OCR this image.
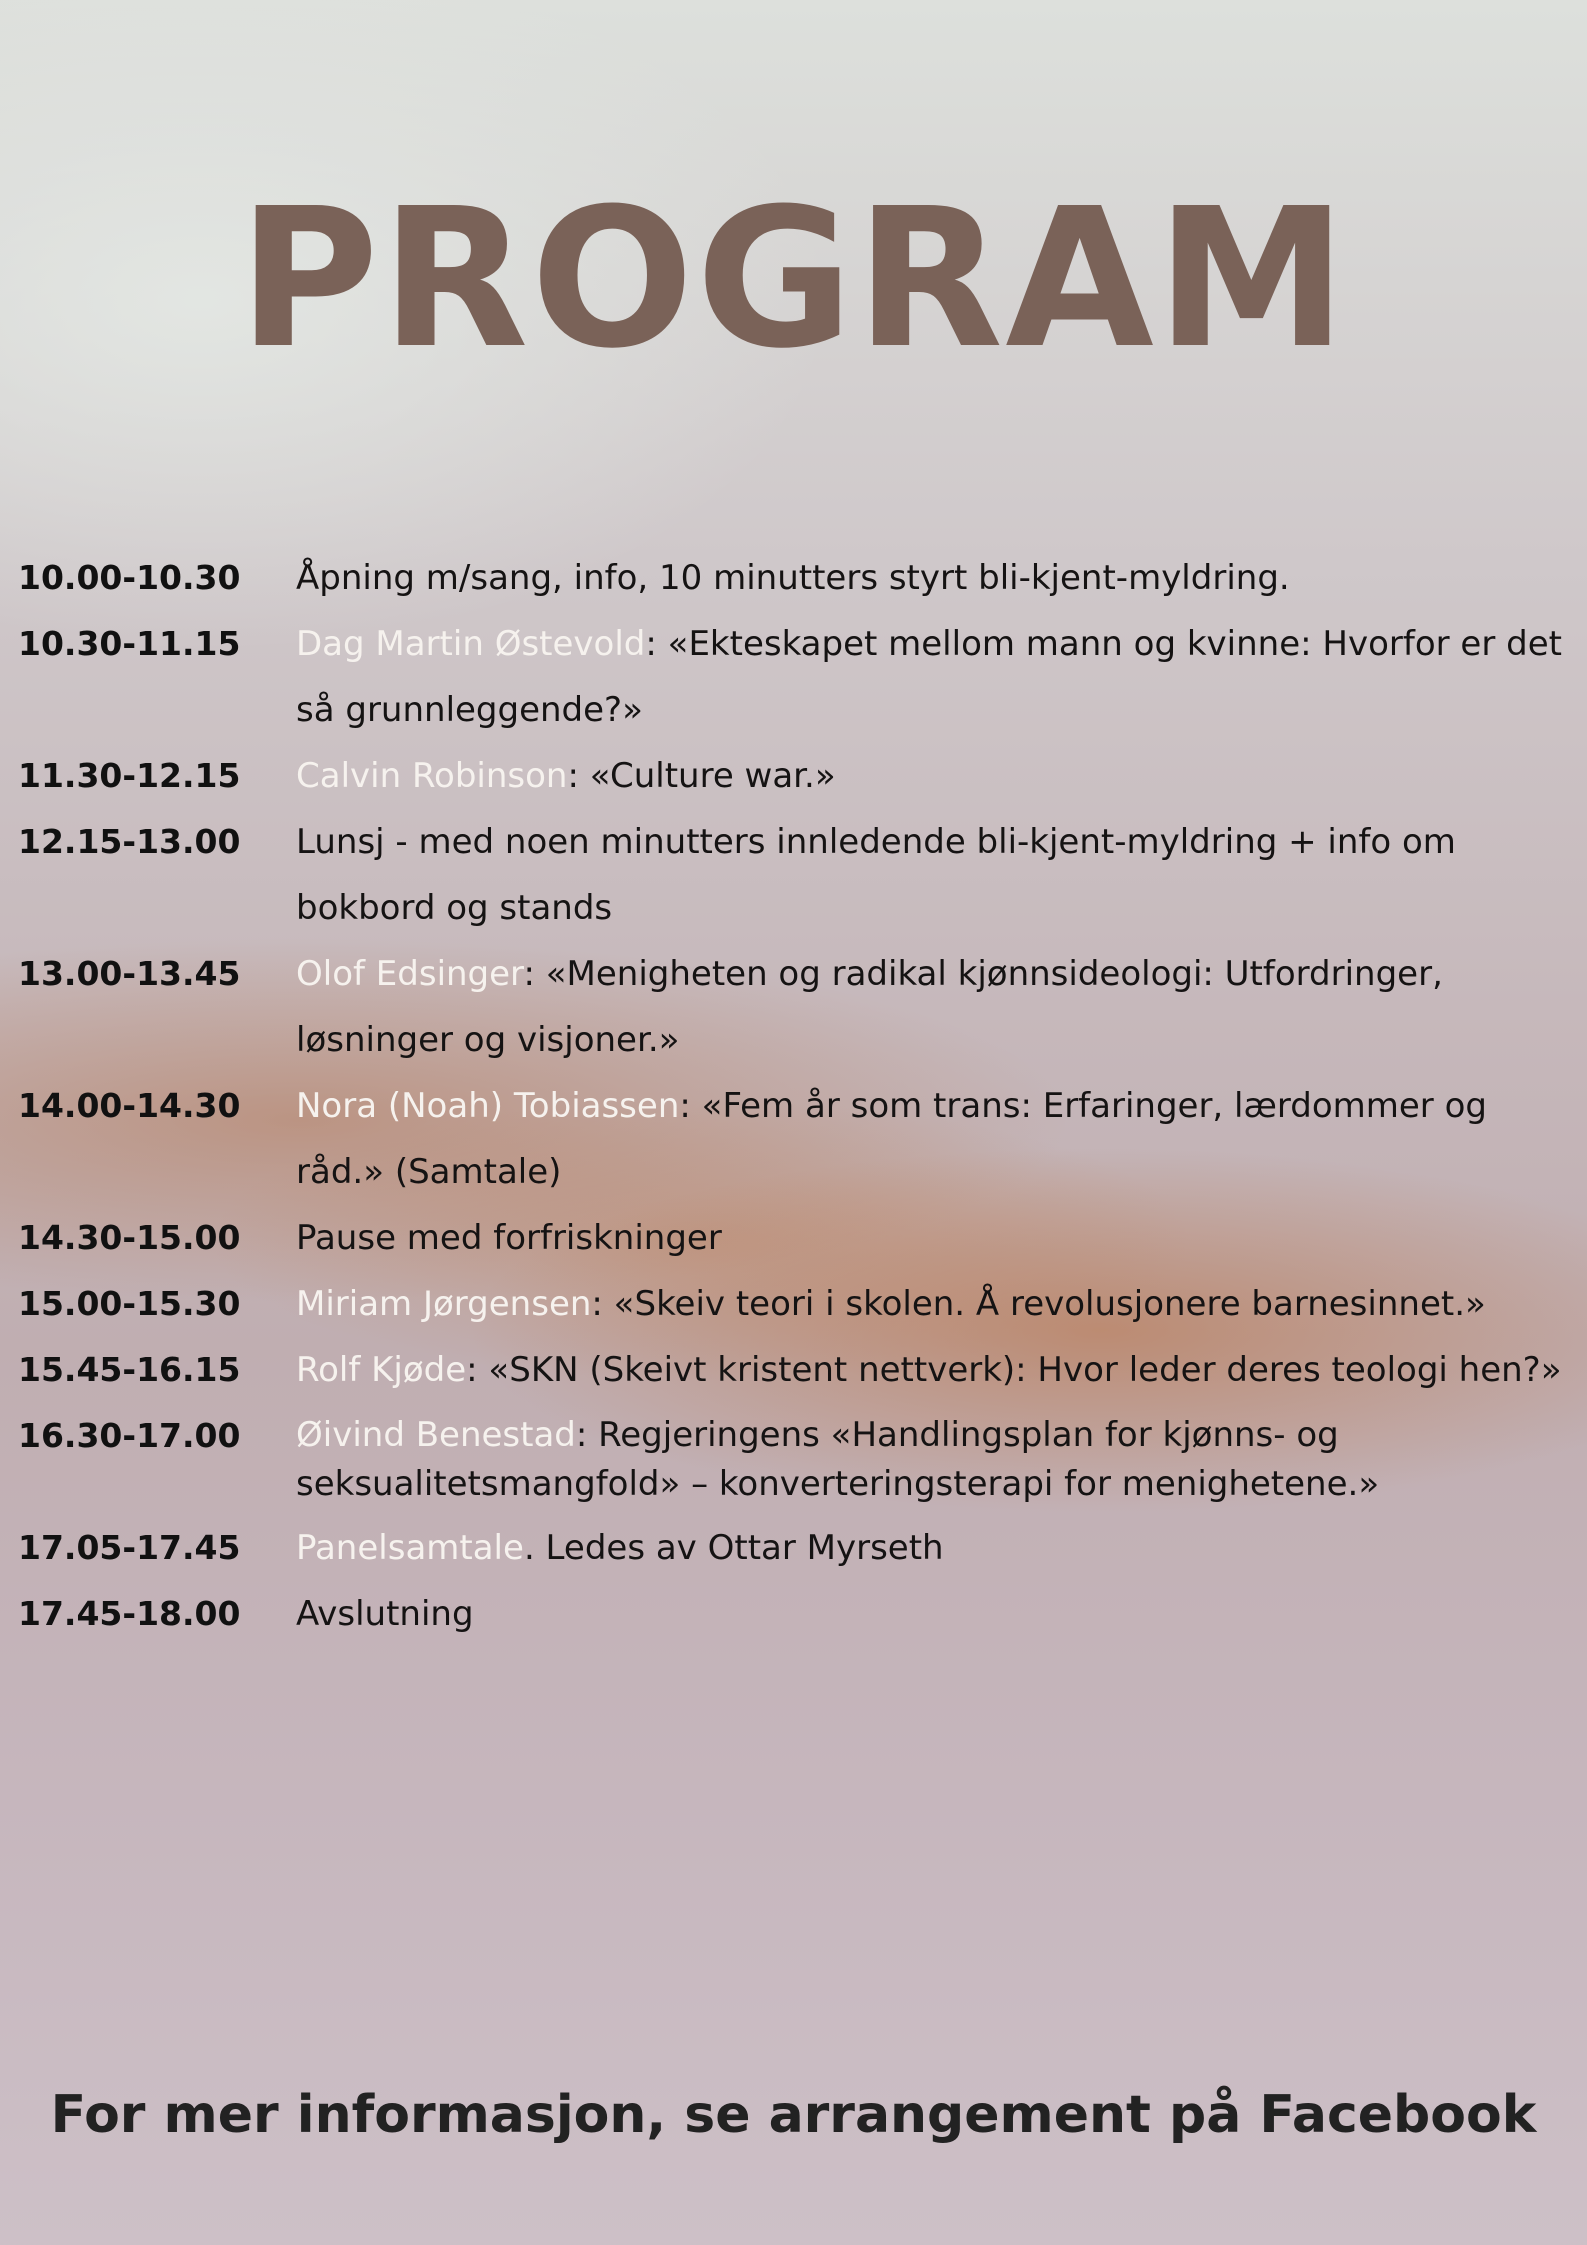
PROGRAM
10.00-10.30	Åpning m/sang, info, 10 minutters styrt bli-kjent-myldring.
10.30-11.15	Dag Martin Østevold: «Ekteskapet mellom mann og kvinne: Hvorfor er det så grunnleggende?»
11.30-12.15	Calvin Robinson: «Culture war.»
12.15-13.00	Lunsj - med noen minutters innledende bli-kjent-myldring + info om bokbord og stands
13.00-13.45	Olof Edsinger: «Menigheten og radikal kjønnsideologi: Utfordringer, løsninger og visjoner.»
14.00-14.30	Nora (Noah) Tobiassen: «Fem år som trans: Erfaringer, lærdommer og råd.» (Samtale)
14.30-15.00	Pause med forfriskninger
15.00-15.30	Miriam Jørgensen: «Skeiv teori i skolen. Å revolusjonere barnesinnet.»
15.45-16.15	Rolf Kjøde: «SKN (Skeivt kristent nettverk): Hvor leder deres teologi hen?»
16.30-17.00	Øivind Benestad: Regjeringens «Handlingsplan for kjønns- og seksualitetsmangfold» – konverteringsterapi for menighetene.»
17.05-17.45	Panelsamtale. Ledes av Ottar Myrseth
17.45-18.00	Avslutning
For mer informasjon, se arrangement på Facebook
